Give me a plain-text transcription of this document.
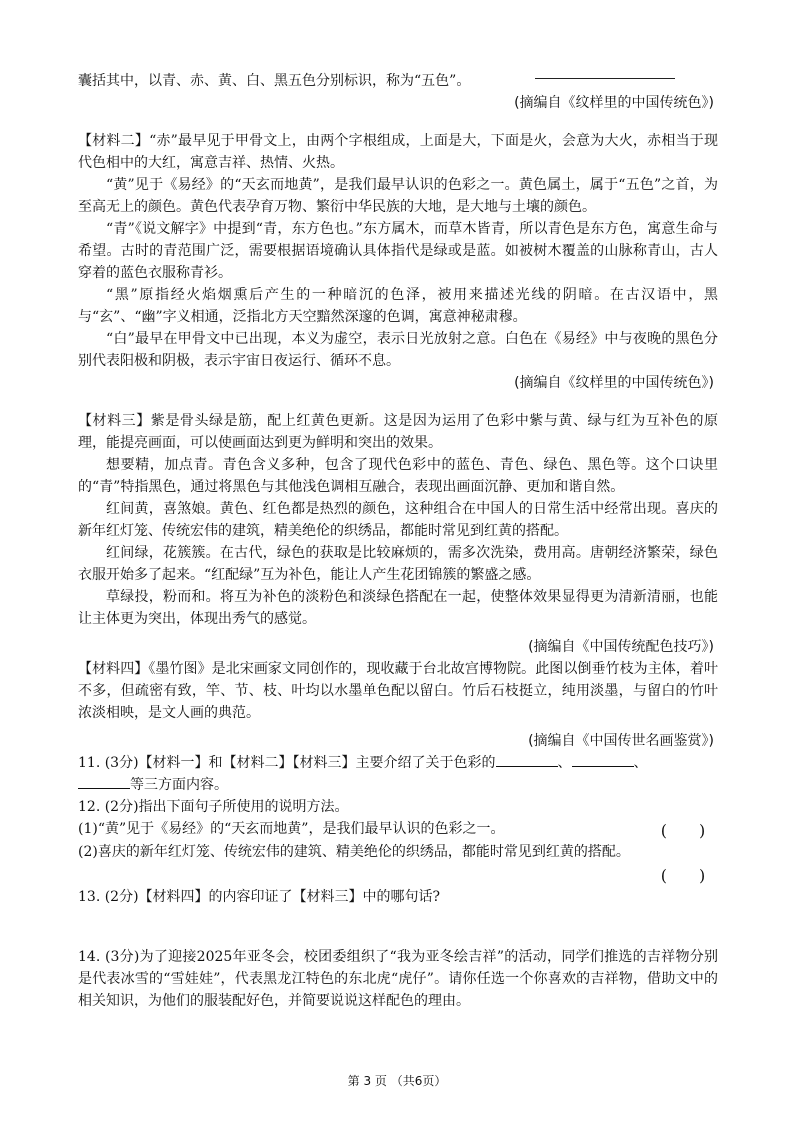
囊括其中，以青、赤、黄、白、黑五色分别标识，称为“五色”。

(摘编自《纹样里的中国传统色》)

【材料二】“赤”最早见于甲骨文上，由两个字根组成，上面是大，下面是火，会意为大火，赤相当于现代色相中的大红，寓意吉祥、热情、火热。

“黄”见于《易经》的“天玄而地黄”，是我们最早认识的色彩之一。黄色属土，属于“五色”之首，为至高无上的颜色。黄色代表孕育万物、繁衍中华民族的大地，是大地与土壤的颜色。

“青”《说文解字》中提到“青，东方色也。”东方属木，而草木皆青，所以青色是东方色，寓意生命与希望。古时的青范围广泛，需要根据语境确认具体指代是绿或是蓝。如被树木覆盖的山脉称青山，古人穿着的蓝色衣服称青衫。

“黑”原指经火焰烟熏后产生的一种暗沉的色泽，被用来描述光线的阴暗。在古汉语中，黑与“玄”、“幽”字义相通，泛指北方天空黯然深邃的色调，寓意神秘肃穆。

“白”最早在甲骨文中已出现，本义为虚空，表示日光放射之意。白色在《易经》中与夜晚的黑色分别代表阳极和阴极，表示宇宙日夜运行、循环不息。

(摘编自《纹样里的中国传统色》)

【材料三】紫是骨头绿是筋，配上红黄色更新。这是因为运用了色彩中紫与黄、绿与红为互补色的原理，能提亮画面，可以使画面达到更为鲜明和突出的效果。

想要精，加点青。青色含义多种，包含了现代色彩中的蓝色、青色、绿色、黑色等。这个口诀里的“青”特指黑色，通过将黑色与其他浅色调相互融合，表现出画面沉静、更加和谐自然。

红间黄，喜煞娘。黄色、红色都是热烈的颜色，这种组合在中国人的日常生活中经常出现。喜庆的新年红灯笼、传统宏伟的建筑，精美绝伦的织绣品，都能时常见到红黄的搭配。

红间绿，花簇簇。在古代，绿色的获取是比较麻烦的，需多次洗染，费用高。唐朝经济繁荣，绿色衣服开始多了起来。“红配绿”互为补色，能让人产生花团锦簇的繁盛之感。

草绿投，粉而和。将互为补色的淡粉色和淡绿色搭配在一起，使整体效果显得更为清新清丽，也能让主体更为突出，体现出秀气的感觉。

(摘编自《中国传统配色技巧》)

【材料四】《墨竹图》是北宋画家文同创作的，现收藏于台北故宫博物院。此图以倒垂竹枝为主体，着叶不多，但疏密有致，竿、节、枝、叶均以水墨单色配以留白。竹后石枝挺立，纯用淡墨，与留白的竹叶浓淡相映，是文人画的典范。

(摘编自《中国传世名画鉴赏》)

11. (3分)【材料一】和【材料二】【材料三】主要介绍了关于色彩的	、	、
等三方面内容。

12. (2分)指出下面句子所使用的说明方法。

(　　)

(1)“黄”见于《易经》的“天玄而地黄”，是我们最早认识的色彩之一。

(2)喜庆的新年红灯笼、传统宏伟的建筑、精美绝伦的织绣品，都能时常见到红黄的搭配。

(　　)

13. (2分)【材料四】的内容印证了【材料三】中的哪句话?

14. (3分)为了迎接2025年亚冬会，校团委组织了“我为亚冬绘吉祥”的活动，同学们推选的吉祥物分别是代表冰雪的“雪娃娃”，代表黑龙江特色的东北虎“虎仔”。请你任选一个你喜欢的吉祥物，借助文中的相关知识，为他们的服装配好色，并简要说说这样配色的理由。

第 3 页 （共6页）
